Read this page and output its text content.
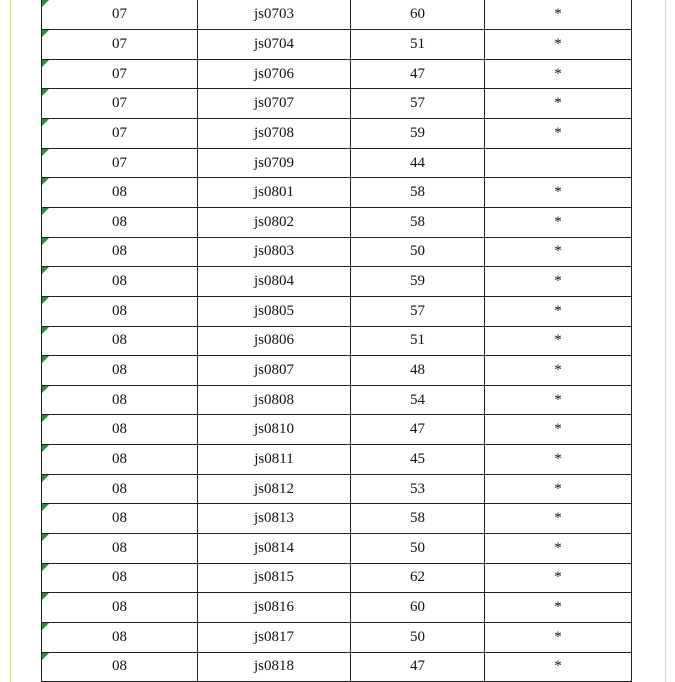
07	js0703	60	*
07	js0704	51	*
07	js0706	47	*
07	js0707	57	*
07	js0708	59	*
07	js0709	44	
08	js0801	58	*
08	js0802	58	*
08	js0803	50	*
08	js0804	59	*
08	js0805	57	*
08	js0806	51	*
08	js0807	48	*
08	js0808	54	*
08	js0810	47	*
08	js0811	45	*
08	js0812	53	*
08	js0813	58	*
08	js0814	50	*
08	js0815	62	*
08	js0816	60	*
08	js0817	50	*
08	js0818	47	*
